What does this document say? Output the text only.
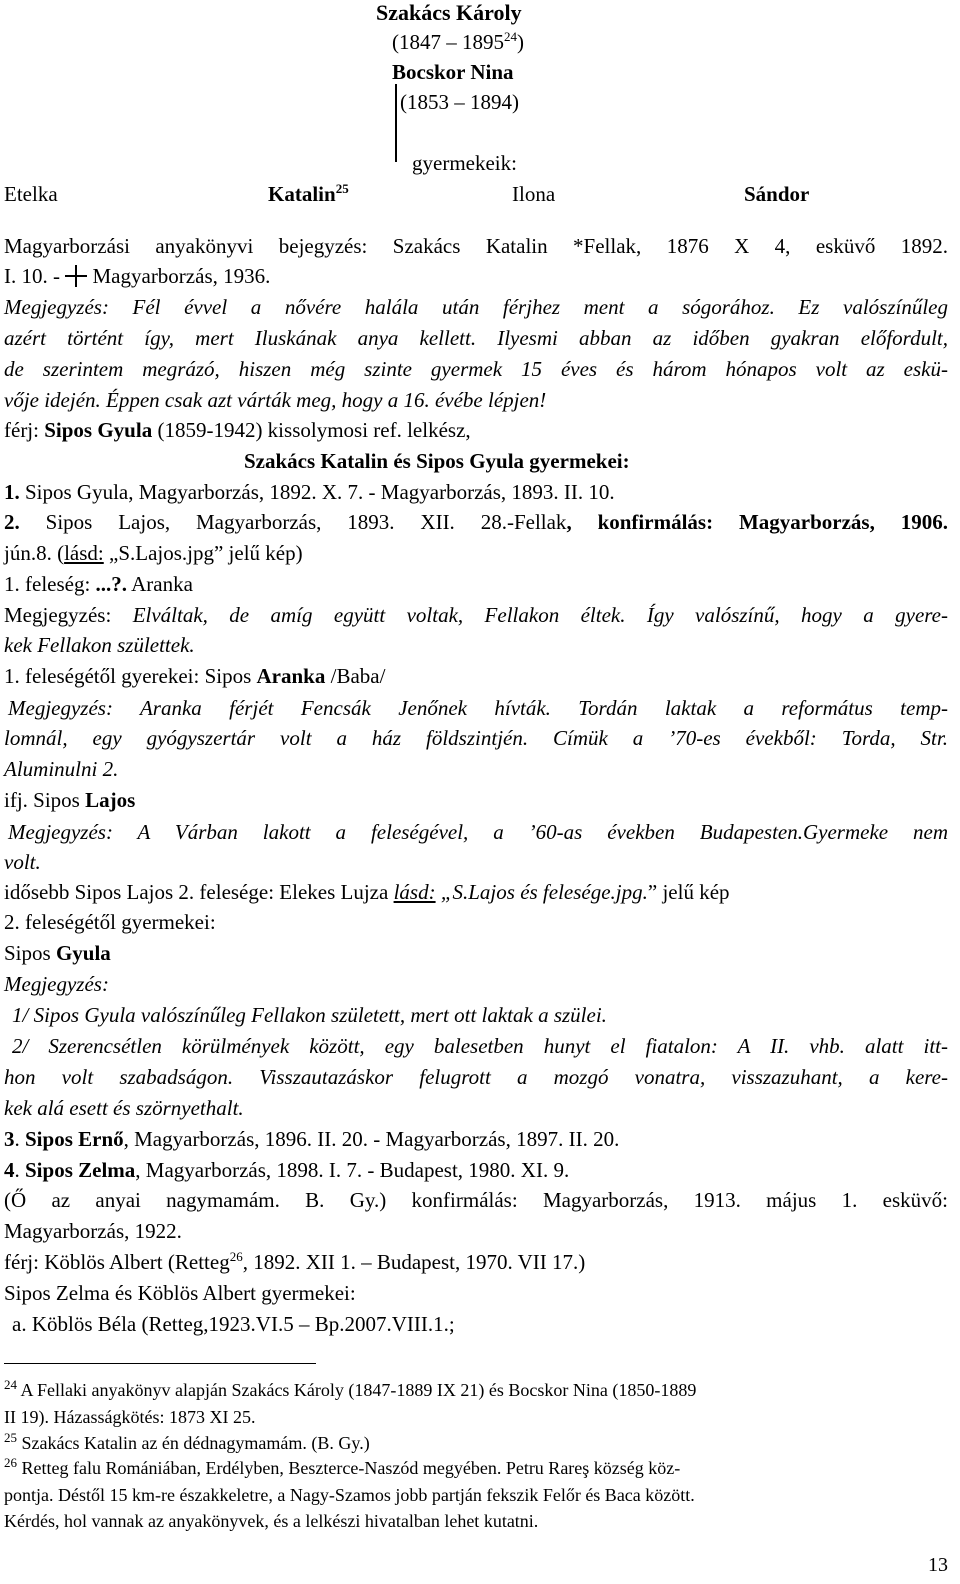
Szakács Károly
(1847 – 1895$^{24}$)
Bocskor Nina
(1853 – 1894)
gyermekeik:
Etelka	Katalin$^{25}$	Ilona	Sándor
Magyarborzási anyakönyvi bejegyzés: Szakács Katalin *Fellak, 1876 X 4, esküvő 1892.
I. 10. - Magyarborzás, 1936.
Megjegyzés: Fél évvel a nővére halála után férjhez ment a sógorához. Ez valószínűleg
azért történt így, mert Iluskának anya kellett. Ilyesmi abban az időben gyakran előfordult,
de szerintem megrázó, hiszen még szinte gyermek 15 éves és három hónapos volt az eskü-
vője idején. Éppen csak azt várták meg, hogy a 16. évébe lépjen!
férj: Sipos Gyula (1859-1942) kissolymosi ref. lelkész,
Szakács Katalin és Sipos Gyula gyermekei:
1. Sipos Gyula, Magyarborzás, 1892. X. 7. - Magyarborzás, 1893. II. 10.
2. Sipos Lajos, Magyarborzás, 1893. XII. 28.-Fellak, konfirmálás: Magyarborzás, 1906.
jún.8. (lásd: „S.Lajos.jpg” jelű kép)
1. feleség: ...?. Aranka
Megjegyzés: Elváltak, de amíg együtt voltak, Fellakon éltek. Így valószínű, hogy a gyere-
kek Fellakon születtek.
1. feleségétől gyerekei: Sipos Aranka /Baba/
Megjegyzés: Aranka férjét Fencsák Jenőnek hívták. Tordán laktak a református temp-
lomnál, egy gyógyszertár volt a ház földszintjén. Címük a ’70-es évekből: Torda, Str.
Aluminulni 2.
ifj. Sipos Lajos
Megjegyzés: A Várban lakott a feleségével, a ’60-as években Budapesten.Gyermeke nem
volt.
idősebb Sipos Lajos 2. felesége: Elekes Lujza lásd: „S.Lajos és felesége.jpg.” jelű kép
2. feleségétől gyermekei:
Sipos Gyula
Megjegyzés:
1/ Sipos Gyula valószínűleg Fellakon született, mert ott laktak a szülei.
2/ Szerencsétlen körülmények között, egy balesetben hunyt el fiatalon: A II. vhb. alatt itt-
hon volt szabadságon. Visszautazáskor felugrott a mozgó vonatra, visszazuhant, a kere-
kek alá esett és szörnyethalt.
3. Sipos Ernő, Magyarborzás, 1896. II. 20. - Magyarborzás, 1897. II. 20.
4. Sipos Zelma, Magyarborzás, 1898. I. 7. - Budapest, 1980. XI. 9.
(Ő az anyai nagymamám. B. Gy.) konfirmálás: Magyarborzás, 1913. május 1. esküvő:
Magyarborzás, 1922.
férj: Köblös Albert (Retteg$^{26}$, 1892. XII 1. – Budapest, 1970. VII 17.)
Sipos Zelma és Köblös Albert gyermekei:
a. Köblös Béla (Retteg,1923.VI.5 – Bp.2007.VIII.1.;
$^{24}$ A Fellaki anyakönyv alapján Szakács Károly (1847-1889 IX 21) és Bocskor Nina (1850-1889
II 19). Házasságkötés: 1873 XI 25.
$^{25}$ Szakács Katalin az én dédnagymamám. (B. Gy.)
$^{26}$ Retteg falu Romániában, Erdélyben, Beszterce-Naszód megyében. Petru Rareş község köz-
pontja. Déstől 15 km-re északkeletre, a Nagy-Szamos jobb partján fekszik Felőr és Baca között.
Kérdés, hol vannak az anyakönyvek, és a lelkészi hivatalban lehet kutatni.
13
